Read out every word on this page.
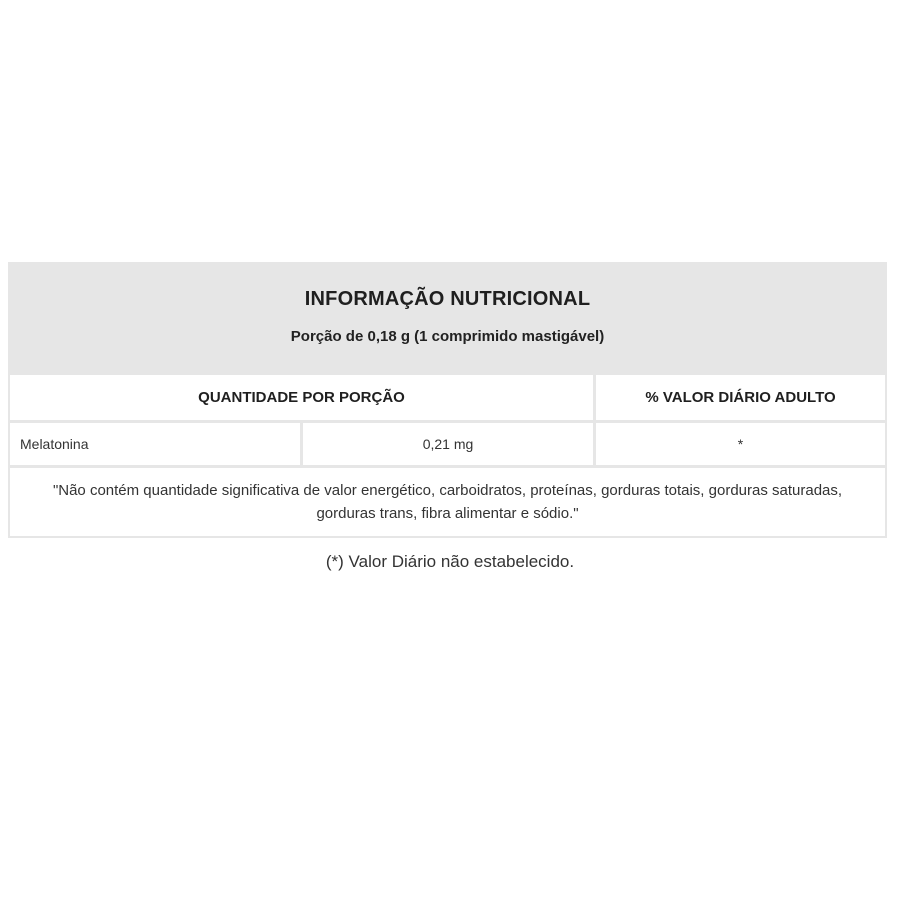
INFORMAÇÃO NUTRICIONAL
Porção de 0,18 g (1 comprimido mastigável)
QUANTIDADE POR PORÇÃO	% VALOR DIÁRIO ADULTO
Melatonina	0,21 mg	*
"Não contém quantidade significativa de valor energético, carboidratos, proteínas, gorduras totais, gorduras saturadas, gorduras trans, fibra alimentar e sódio."
(*) Valor Diário não estabelecido.
